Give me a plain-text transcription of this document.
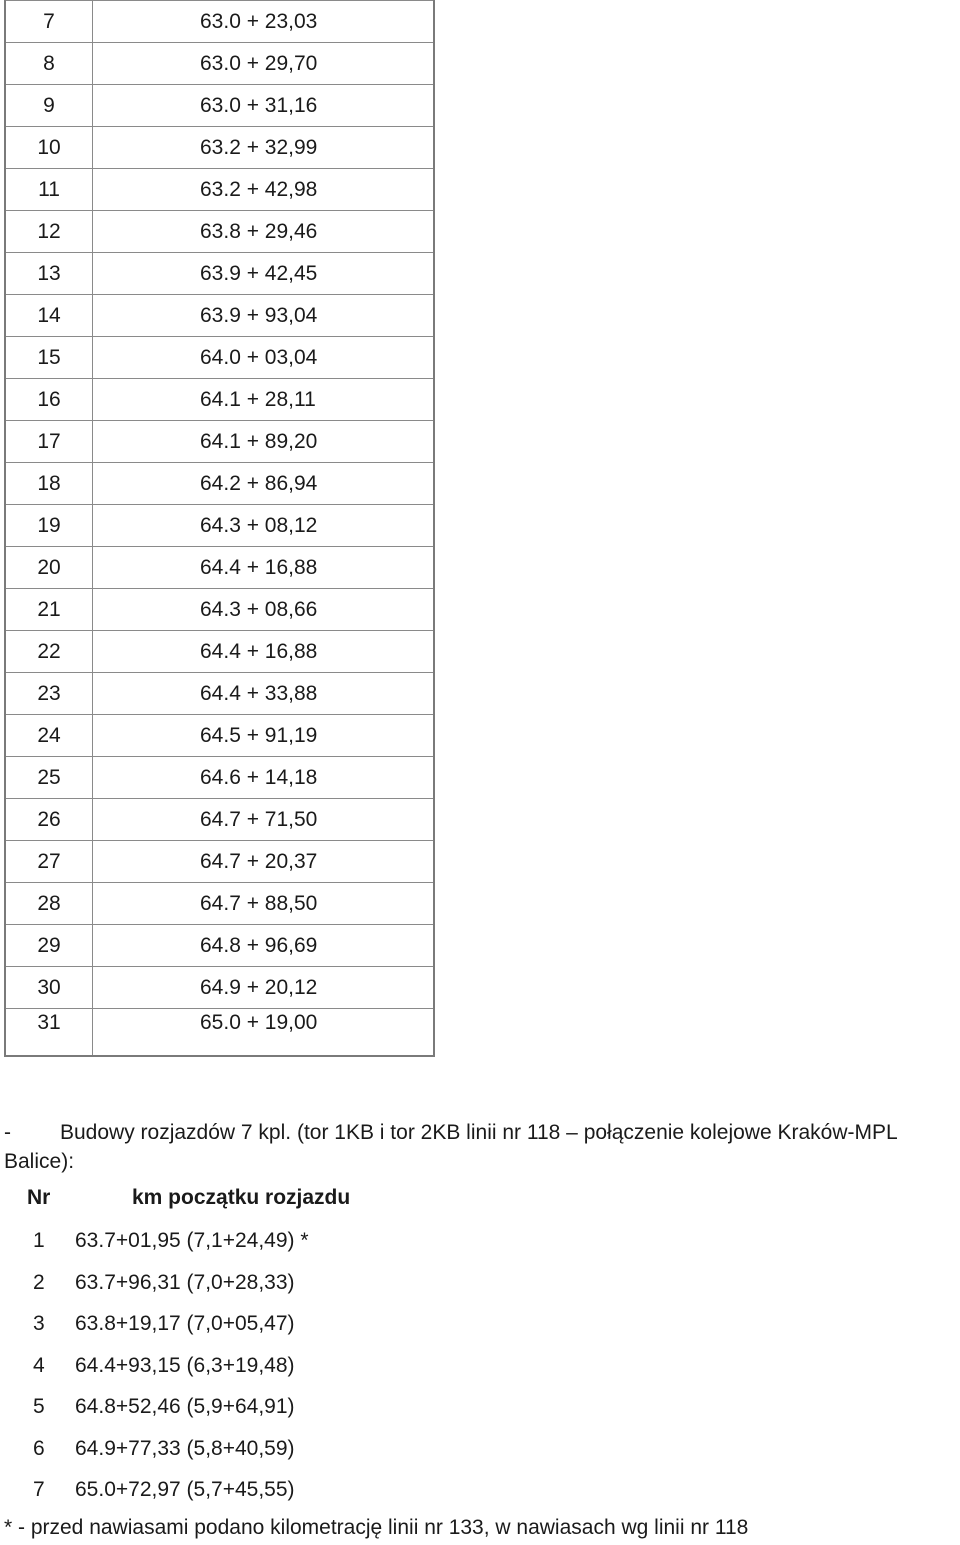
7	63.0 + 23,03
8	63.0 + 29,70
9	63.0 + 31,16
10	63.2 + 32,99
11	63.2 + 42,98
12	63.8 + 29,46
13	63.9 + 42,45
14	63.9 + 93,04
15	64.0 + 03,04
16	64.1 + 28,11
17	64.1 + 89,20
18	64.2 + 86,94
19	64.3 + 08,12
20	64.4 + 16,88
21	64.3 + 08,66
22	64.4 + 16,88
23	64.4 + 33,88
24	64.5 + 91,19
25	64.6 + 14,18
26	64.7 + 71,50
27	64.7 + 20,37
28	64.7 + 88,50
29	64.8 + 96,69
30	64.9 + 20,12
31	65.0 + 19,00

- Budowy rozjazdów 7 kpl. (tor 1KB i tor 2KB linii nr 118 – połączenie kolejowe Kraków-MPL Balice):

Nr	km początku rozjazdu
1 63.7+01,95 (7,1+24,49) *
2 63.7+96,31 (7,0+28,33)
3 63.8+19,17 (7,0+05,47)
4 64.4+93,15 (6,3+19,48)
5 64.8+52,46 (5,9+64,91)
6 64.9+77,33 (5,8+40,59)
7 65.0+72,97 (5,7+45,55)

* - przed nawiasami podano kilometrację linii nr 133, w nawiasach wg linii nr 118
